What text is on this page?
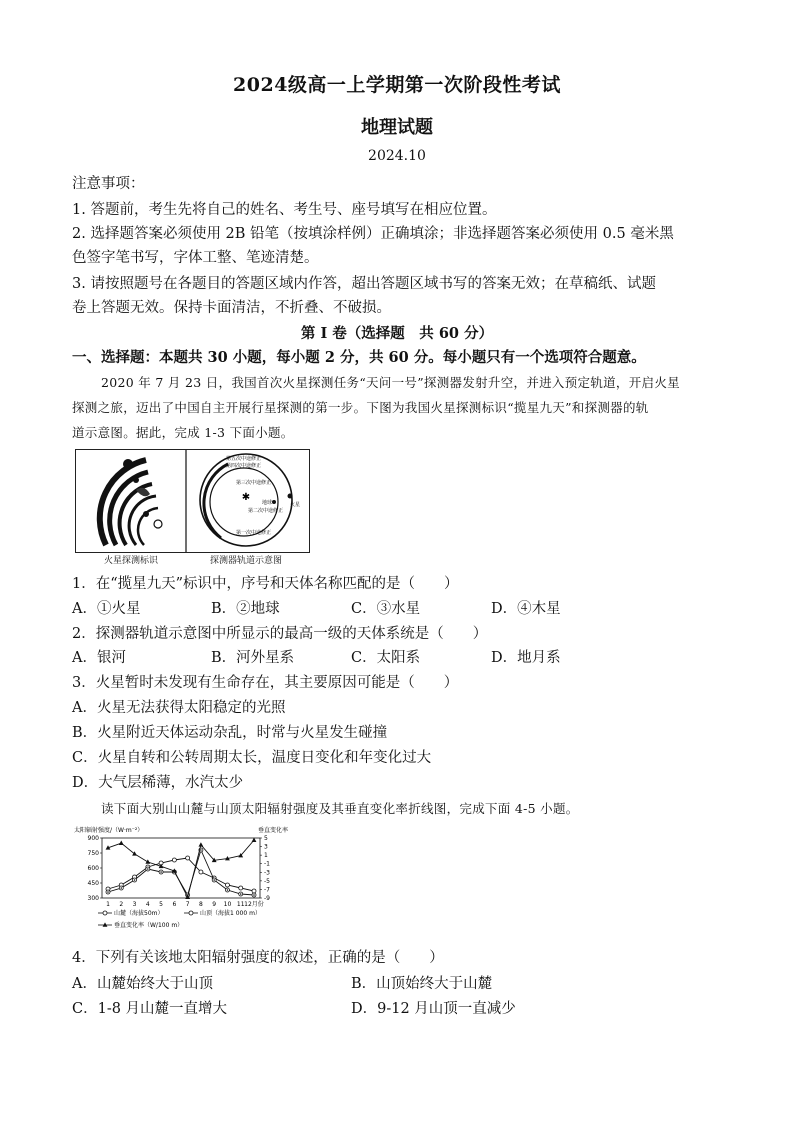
2024级高一上学期第一次阶段性考试
地理试题
2024.10
注意事项：
1. 答题前，考生先将自己的姓名、考生号、座号填写在相应位置。
2. 选择题答案必须使用 2B 铅笔（按填涂样例）正确填涂；非选择题答案必须使用 0.5 毫米黑
色签字笔书写，字体工整、笔迹清楚。
3. 请按照题号在各题目的答题区域内作答，超出答题区域书写的答案无效；在草稿纸、试题
卷上答题无效。保持卡面清洁，不折叠、不破损。
第 I 卷（选择题　共 60 分）
一、选择题：本题共 30 小题，每小题 2 分，共 60 分。每小题只有一个选项符合题意。
2020 年 7 月 23 日，我国首次火星探测任务“天问一号”探测器发射升空，并进入预定轨道，开启火星
探测之旅，迈出了中国自主开展行星探测的第一步。下图为我国火星探测标识“揽星九天”和探测器的轨
道示意图。据此，完成 1-3 下面小题。
✱
第五次中途修正
第四次中途修正
第三次中途修正
地球	火星
第二次中途修正
第一次中途修正
火星探测标识	探测器轨道示意图
1．在“揽星九天”标识中，序号和天体名称匹配的是（　　）
A．①火星	B．②地球	C．③水星	D．④木星
2．探测器轨道示意图中所显示的最高一级的天体系统是（　　）
A．银河	B．河外星系	C．太阳系	D．地月系
3．火星暂时未发现有生命存在，其主要原因可能是（　　）
A．火星无法获得太阳稳定的光照
B．火星附近天体运动杂乱，时常与火星发生碰撞
C．火星自转和公转周期太长，温度日变化和年变化过大
D．大气层稀薄，水汽太少
读下面大别山山麓与山顶太阳辐射强度及其垂直变化率折线图，完成下面 4-5 小题。
太阳辐射强度/（W·m⁻²）	垂直变化率
900
750
600
450
300
5
3
1
-1
-3
-5
-7
-9
1 2 3 4 5 6 7 8 9 10 11 12月份
山麓（海拔50m）	山顶（海拔1 000 m）
垂直变化率（W/100 m）
4．下列有关该地太阳辐射强度的叙述，正确的是（　　）
A．山麓始终大于山顶	B．山顶始终大于山麓
C．1-8 月山麓一直增大	D．9-12 月山顶一直减少
